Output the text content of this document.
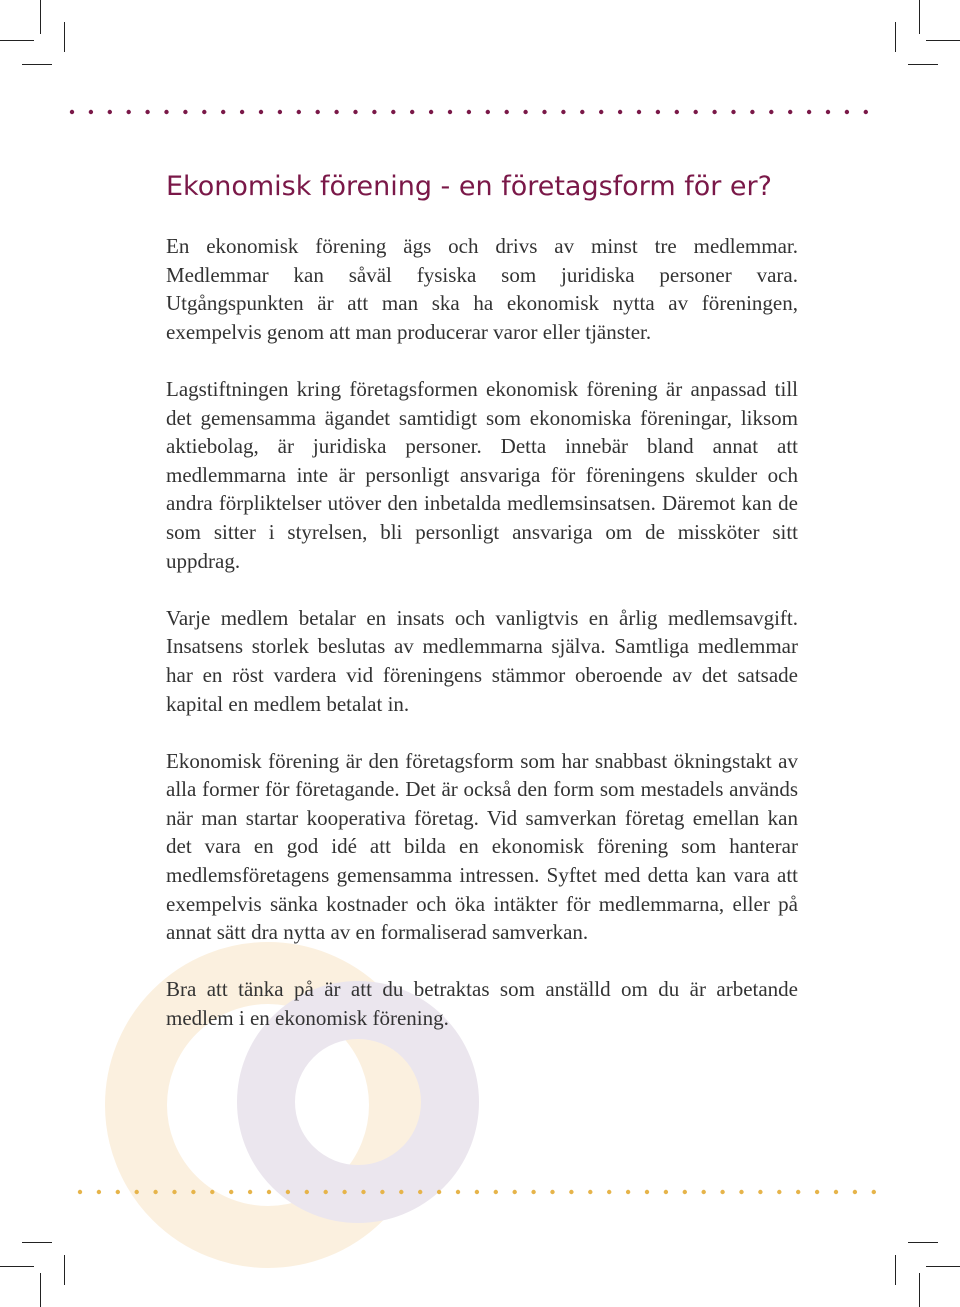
Ekonomisk förening - en företagsform för er?

En ekonomisk förening ägs och drivs av minst tre medlemmar. Medlemmar kan såväl fysiska som juridiska personer vara. Utgångspunkten är att man ska ha ekonomisk nytta av föreningen, exempelvis genom att man producerar varor eller tjänster.

Lagstiftningen kring företagsformen ekonomisk förening är anpassad till det gemensamma ägandet samtidigt som ekonomiska föreningar, liksom aktiebolag, är juridiska personer. Detta innebär bland annat att medlemmarna inte är personligt ansvariga för föreningens skulder och andra förpliktelser utöver den inbetalda medlemsinsatsen. Däremot kan de som sitter i styrelsen, bli personligt ansvariga om de missköter sitt uppdrag.

Varje medlem betalar en insats och vanligtvis en årlig medlemsavgift. Insatsens storlek beslutas av medlemmarna själva. Samtliga medlemmar har en röst vardera vid föreningens stämmor oberoende av det satsade kapital en medlem betalat in.

Ekonomisk förening är den företagsform som har snabbast ökningstakt av alla former för företagande. Det är också den form som mestadels används när man startar kooperativa företag. Vid samverkan företag emellan kan det vara en god idé att bilda en ekonomisk förening som hanterar medlemsföretagens gemensamma intressen. Syftet med detta kan vara att exempelvis sänka kostnader och öka intäkter för medlemmarna, eller på annat sätt dra nytta av en formaliserad samverkan.

Bra att tänka på är att du betraktas som anställd om du är arbetande medlem i en ekonomisk förening.
